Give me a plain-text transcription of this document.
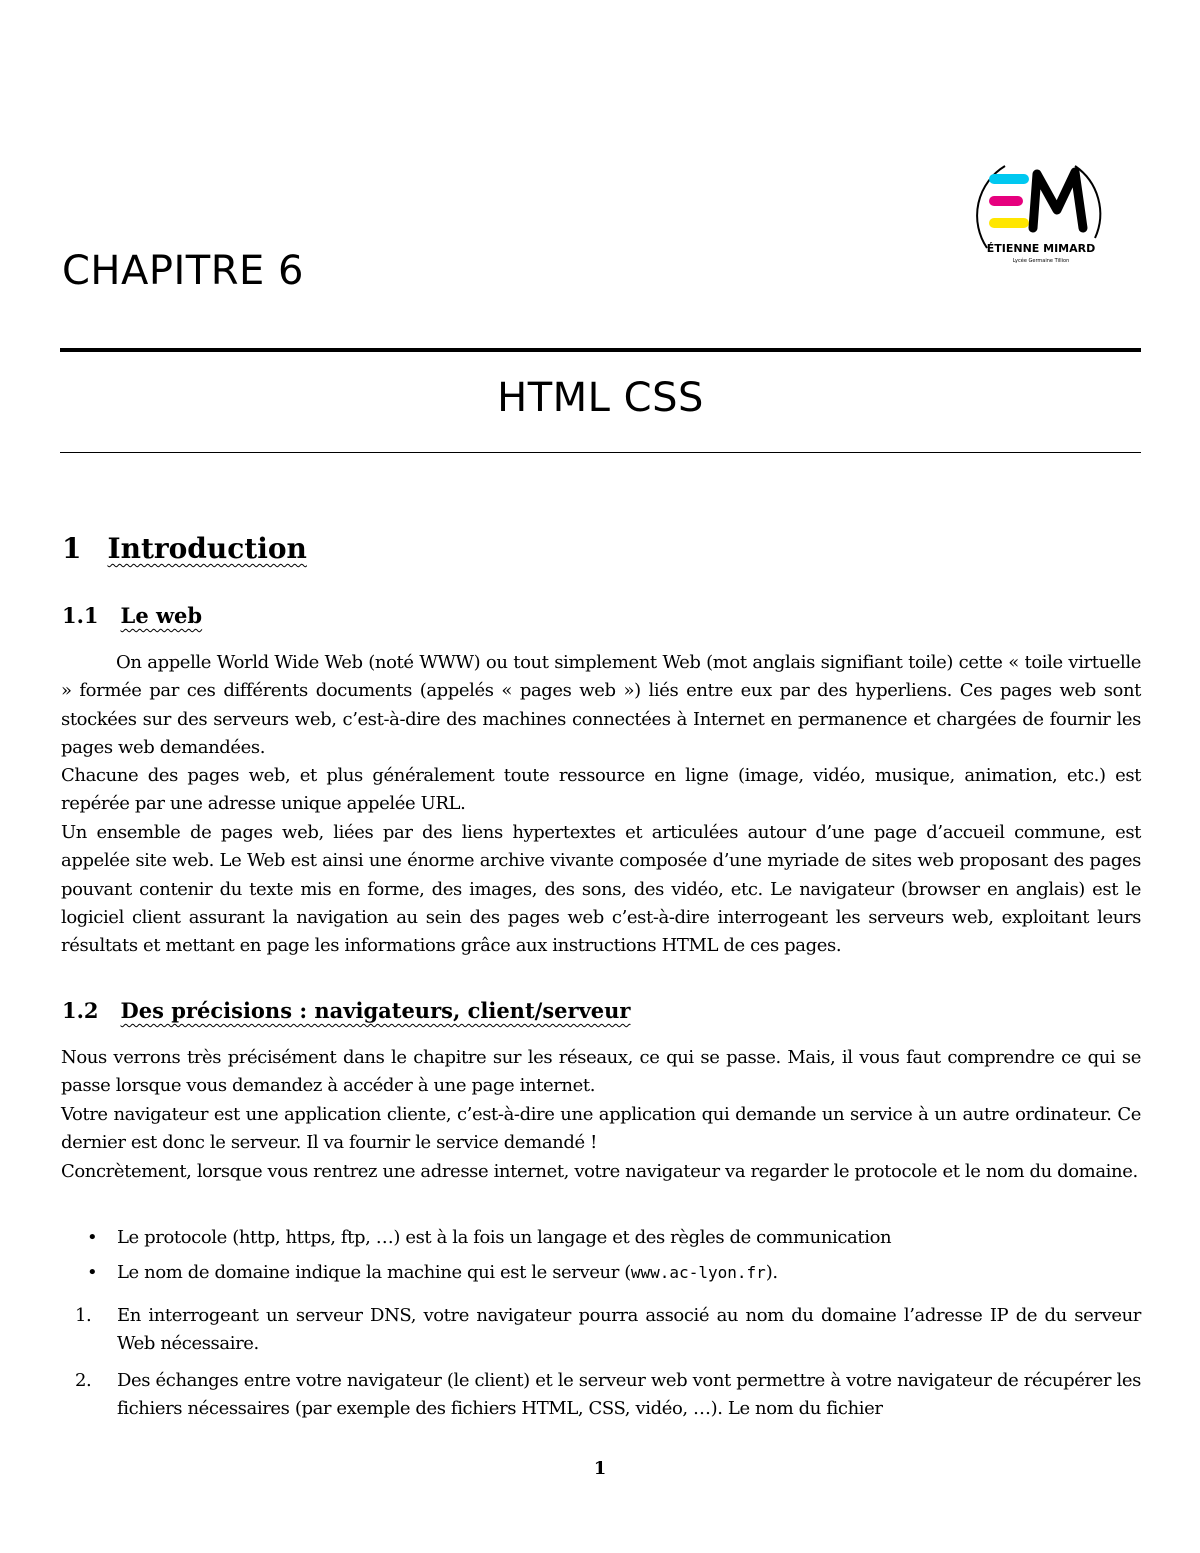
ÉTIENNE MIMARD
Lycée Germaine Tillion
CHAPITRE 6
HTML CSS
1 Introduction
1.1 Le web

On appelle World Wide Web (noté WWW) ou tout simplement Web (mot anglais signifiant toile) cette « toile virtuelle » formée par ces différents documents (appelés « pages web ») liés entre eux par des hyperliens. Ces pages web sont stockées sur des serveurs web, c’est-à-dire des machines connectées à Internet en permanence et chargées de fournir les pages web demandées.

Chacune des pages web, et plus généralement toute ressource en ligne (image, vidéo, musique, animation, etc.) est repérée par une adresse unique appelée URL.

Un ensemble de pages web, liées par des liens hypertextes et articulées autour d’une page d’accueil commune, est appelée site web. Le Web est ainsi une énorme archive vivante composée d’une myriade de sites web proposant des pages pouvant contenir du texte mis en forme, des images, des sons, des vidéo, etc. Le navigateur (browser en anglais) est le logiciel client assurant la navigation au sein des pages web c’est-à-dire interrogeant les serveurs web, exploitant leurs résultats et mettant en page les informations grâce aux instructions HTML de ces pages.

1.2 Des précisions : navigateurs, client/serveur

Nous verrons très précisément dans le chapitre sur les réseaux, ce qui se passe. Mais, il vous faut comprendre ce qui se passe lorsque vous demandez à accéder à une page internet.

Votre navigateur est une application cliente, c’est-à-dire une application qui demande un service à un autre ordinateur. Ce dernier est donc le serveur. Il va fournir le service demandé !

Concrètement, lorsque vous rentrez une adresse internet, votre navigateur va regarder le protocole et le nom du domaine.

• Le protocole (http, https, ftp, …) est à la fois un langage et des règles de communication
• Le nom de domaine indique la machine qui est le serveur (www.ac-lyon.fr).
1. En interrogeant un serveur DNS, votre navigateur pourra associé au nom du domaine l’adresse IP de du serveur Web nécessaire.
2. Des échanges entre votre navigateur (le client) et le serveur web vont permettre à votre navigateur de récupérer les fichiers nécessaires (par exemple des fichiers HTML, CSS, vidéo, …). Le nom du fichier
1
